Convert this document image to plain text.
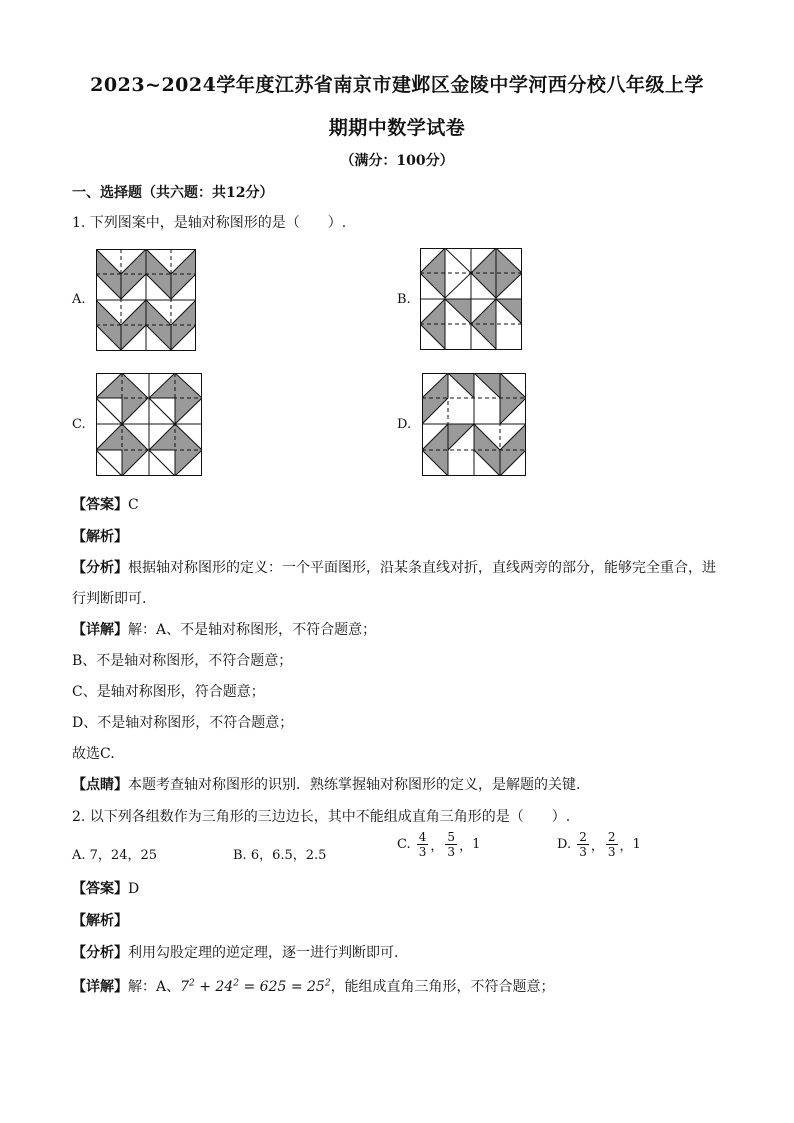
2023~2024学年度江苏省南京市建邺区金陵中学河西分校八年级上学
期期中数学试卷
（满分：100分）
一、选择题（共六题：共12分）
1. 下列图案中，是轴对称图形的是（　　）.
A.	B.
C.	D.
【答案】C
【解析】
【分析】根据轴对称图形的定义：一个平面图形，沿某条直线对折，直线两旁的部分，能够完全重合，进
行判断即可.
【详解】解：A、不是轴对称图形，不符合题意；
B、不是轴对称图形，不符合题意；
C、是轴对称图形，符合题意；
D、不是轴对称图形，不符合题意；
故选C.
【点睛】本题考查轴对称图形的识别．熟练掌握轴对称图形的定义，是解题的关键.
2. 以下列各组数作为三角形的三边边长，其中不能组成直角三角形的是（　　）.
A. 7，24，25	B. 6，6.5，2.5
C. $\frac{4}{3}$ ， $\frac{5}{3}$ ，1	D. $\frac{2}{3}$ ， $\frac{2}{3}$ ，1
【答案】D
【解析】
【分析】利用勾股定理的逆定理，逐一进行判断即可.
【详解】解：A、$7^2 + 24^2 = 625 = 25^2$，能组成直角三角形，不符合题意；
